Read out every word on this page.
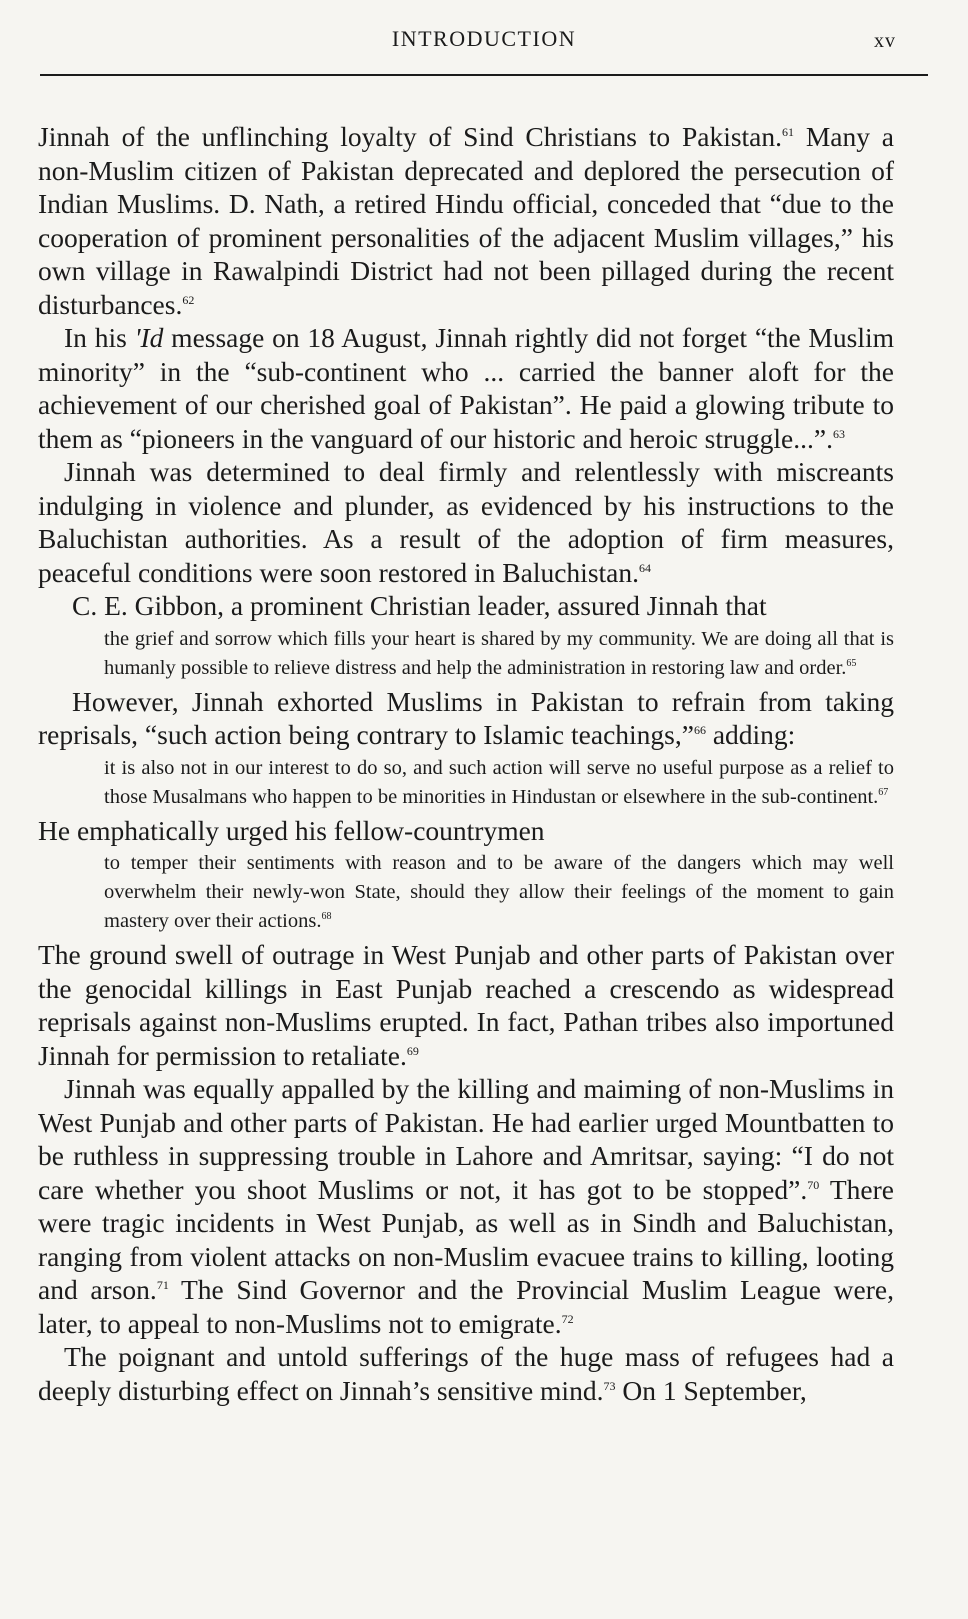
INTRODUCTION	xv

Jinnah of the unflinching loyalty of Sind Christians to Pakistan.$^{61}$ Many a non-Muslim citizen of Pakistan deprecated and deplored the persecution of Indian Muslims. D. Nath, a retired Hindu official, conceded that “due to the cooperation of prominent personalities of the adjacent Muslim villages,” his own village in Rawalpindi District had not been pillaged during the recent disturbances.$^{62}$

In his 'Id message on 18 August, Jinnah rightly did not forget “the Muslim minority” in the “sub-continent who ... carried the banner aloft for the achievement of our cherished goal of Pakistan”. He paid a glowing tribute to them as “pioneers in the vanguard of our historic and heroic struggle...”.$^{63}$

Jinnah was determined to deal firmly and relentlessly with miscreants indulging in violence and plunder, as evidenced by his instructions to the Baluchistan authorities. As a result of the adoption of firm measures, peaceful conditions were soon restored in Baluchistan.$^{64}$

C. E. Gibbon, a prominent Christian leader, assured Jinnah that

the grief and sorrow which fills your heart is shared by my community. We are doing all that is humanly possible to relieve distress and help the administration in restoring law and order.$^{65}$

However, Jinnah exhorted Muslims in Pakistan to refrain from taking reprisals, “such action being contrary to Islamic teachings,”$^{66}$ adding:

it is also not in our interest to do so, and such action will serve no useful purpose as a relief to those Musalmans who happen to be minorities in Hindustan or elsewhere in the sub-continent.$^{67}$

He emphatically urged his fellow-countrymen

to temper their sentiments with reason and to be aware of the dangers which may well overwhelm their newly-won State, should they allow their feelings of the moment to gain mastery over their actions.$^{68}$

The ground swell of outrage in West Punjab and other parts of Pakistan over the genocidal killings in East Punjab reached a crescendo as widespread reprisals against non-Muslims erupted. In fact, Pathan tribes also importuned Jinnah for permission to retaliate.$^{69}$

Jinnah was equally appalled by the killing and maiming of non-Muslims in West Punjab and other parts of Pakistan. He had earlier urged Mountbatten to be ruthless in suppressing trouble in Lahore and Amritsar, saying: “I do not care whether you shoot Muslims or not, it has got to be stopped”.$^{70}$ There were tragic incidents in West Punjab, as well as in Sindh and Baluchistan, ranging from violent attacks on non-Muslim evacuee trains to killing, looting and arson.$^{71}$ The Sind Governor and the Provincial Muslim League were, later, to appeal to non-Muslims not to emigrate.$^{72}$

The poignant and untold sufferings of the huge mass of refugees had a deeply disturbing effect on Jinnah’s sensitive mind.$^{73}$ On 1 September,
